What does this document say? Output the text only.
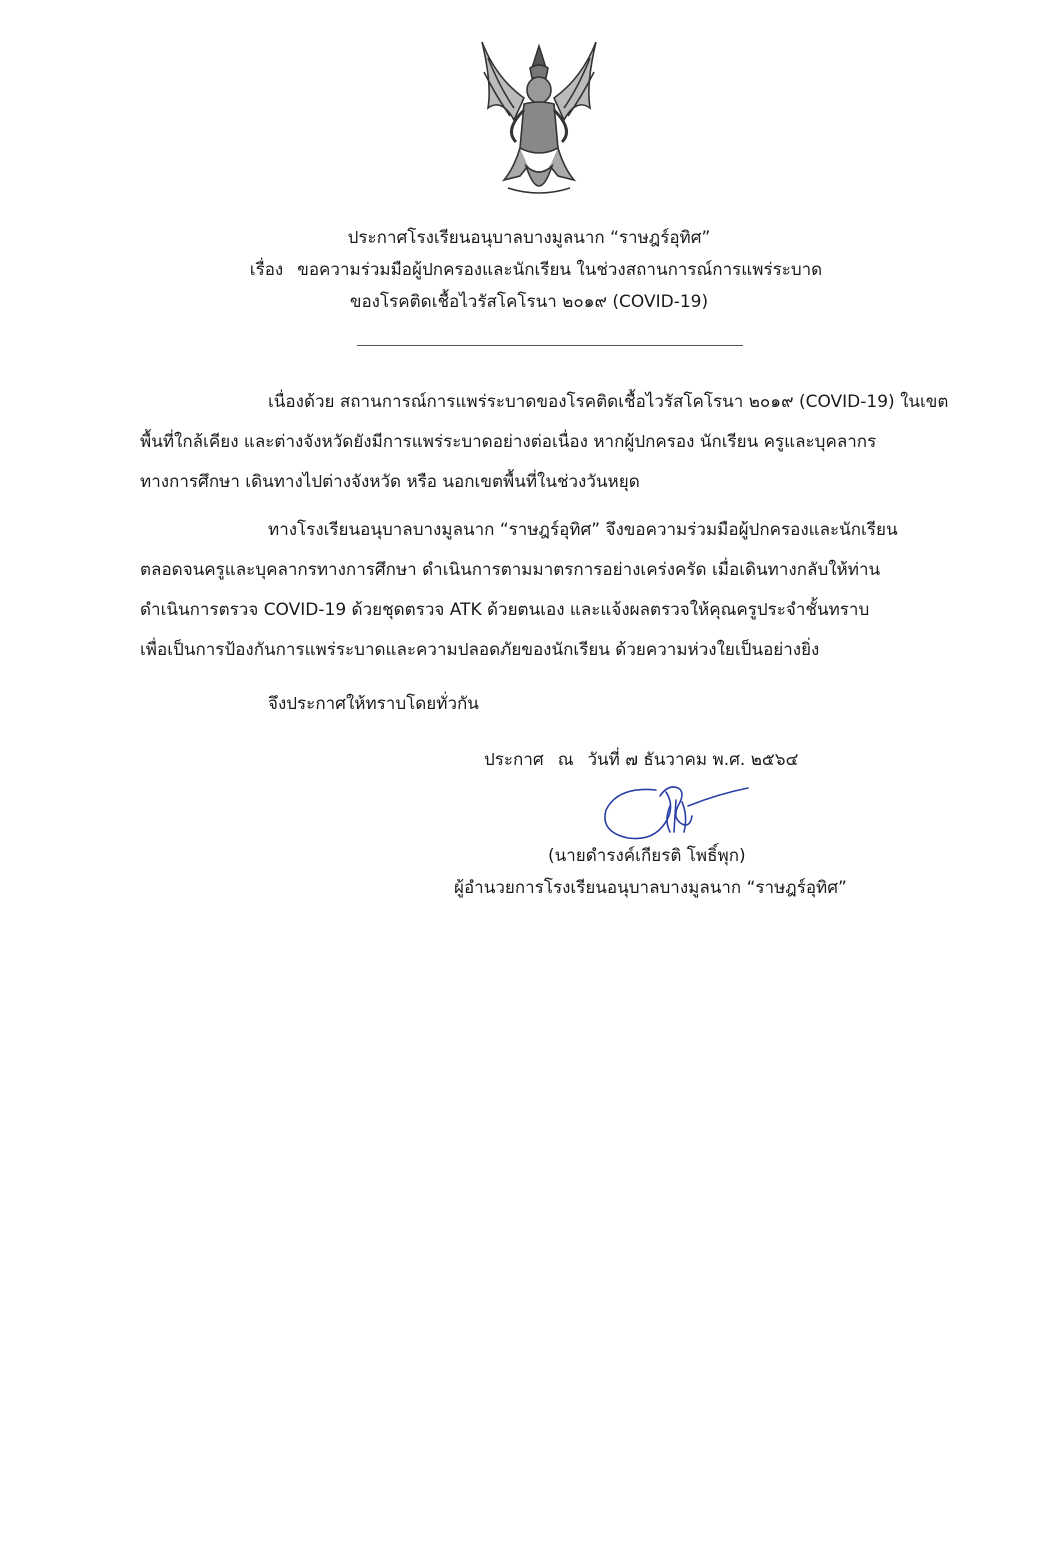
ประกาศโรงเรียนอนุบาลบางมูลนาก “ราษฎร์อุทิศ”
เรื่อง ขอความร่วมมือผู้ปกครองและนักเรียน ในช่วงสถานการณ์การแพร่ระบาด
ของโรคติดเชื้อไวรัสโคโรนา ๒๐๑๙ (COVID-19)
เนื่องด้วย สถานการณ์การแพร่ระบาดของโรคติดเชื้อไวรัสโคโรนา ๒๐๑๙ (COVID-19) ในเขต
พื้นที่ใกล้เคียง และต่างจังหวัดยังมีการแพร่ระบาดอย่างต่อเนื่อง หากผู้ปกครอง นักเรียน ครูและบุคลากร
ทางการศึกษา เดินทางไปต่างจังหวัด หรือ นอกเขตพื้นที่ในช่วงวันหยุด
ทางโรงเรียนอนุบาลบางมูลนาก “ราษฎร์อุทิศ” จึงขอความร่วมมือผู้ปกครองและนักเรียน
ตลอดจนครูและบุคลากรทางการศึกษา ดำเนินการตามมาตรการอย่างเคร่งครัด เมื่อเดินทางกลับให้ท่าน
ดำเนินการตรวจ COVID-19 ด้วยชุดตรวจ ATK ด้วยตนเอง และแจ้งผลตรวจให้คุณครูประจำชั้นทราบ
เพื่อเป็นการป้องกันการแพร่ระบาดและความปลอดภัยของนักเรียน ด้วยความห่วงใยเป็นอย่างยิ่ง
จึงประกาศให้ทราบโดยทั่วกัน
ประกาศ ณ วันที่ ๗ ธันวาคม พ.ศ. ๒๕๖๔
(นายดำรงค์เกียรติ โพธิ์พุก)
ผู้อำนวยการโรงเรียนอนุบาลบางมูลนาก “ราษฎร์อุทิศ”
